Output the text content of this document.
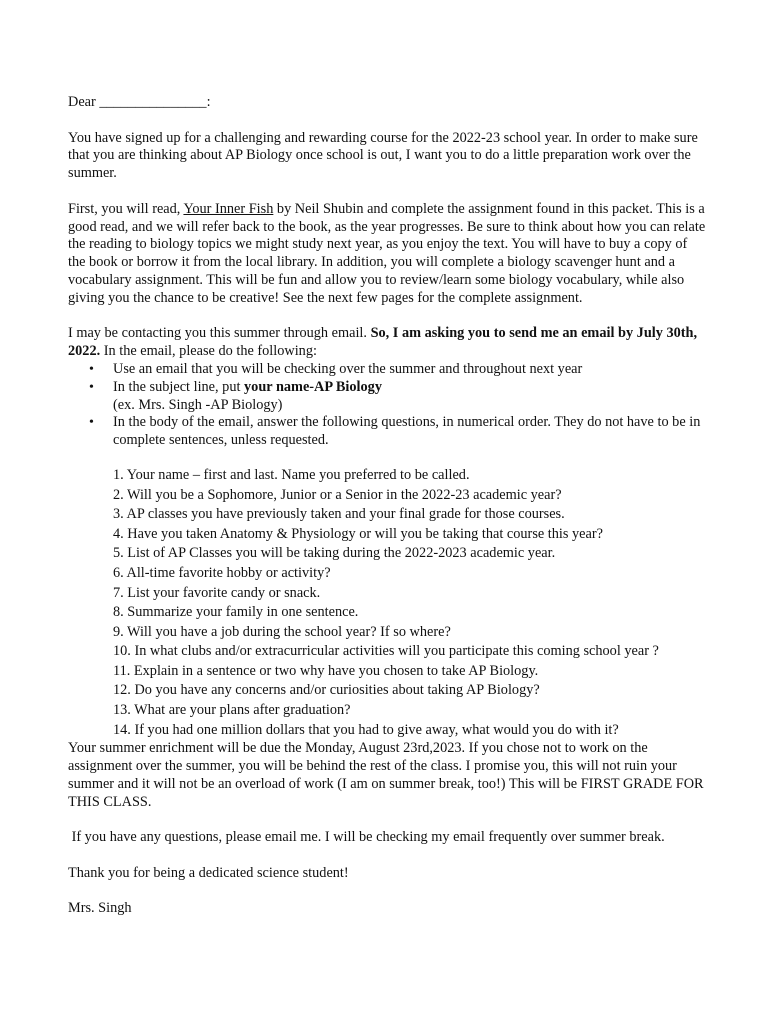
Dear _______________:

You have signed up for a challenging and rewarding course for the 2022-23 school year. In order to make sure that you are thinking about AP Biology once school is out, I want you to do a little preparation work over the summer.

First, you will read, Your Inner Fish by Neil Shubin and complete the assignment found in this packet. This is a good read, and we will refer back to the book, as the year progresses. Be sure to think about how you can relate the reading to biology topics we might study next year, as you enjoy the text. You will have to buy a copy of the book or borrow it from the local library. In addition, you will complete a biology scavenger hunt and a vocabulary assignment. This will be fun and allow you to review/learn some biology vocabulary, while also giving you the chance to be creative! See the next few pages for the complete assignment.

I may be contacting you this summer through email. So, I am asking you to send me an email by July 30th, 2022. In the email, please do the following:

• Use an email that you will be checking over the summer and throughout next year
• In the subject line, put your name-AP Biology
(ex. Mrs. Singh -AP Biology)
• In the body of the email, answer the following questions, in numerical order. They do not have to be in complete sentences, unless requested.
1. Your name – first and last. Name you preferred to be called.
2. Will you be a Sophomore, Junior or a Senior in the 2022-23 academic year?
3. AP classes you have previously taken and your final grade for those courses.
4. Have you taken Anatomy & Physiology or will you be taking that course this year?
5. List of AP Classes you will be taking during the 2022-2023 academic year.
6. All-time favorite hobby or activity?
7. List your favorite candy or snack.
8. Summarize your family in one sentence.
9. Will you have a job during the school year? If so where?
10. In what clubs and/or extracurricular activities will you participate this coming school year ?
11. Explain in a sentence or two why have you chosen to take AP Biology.
12. Do you have any concerns and/or curiosities about taking AP Biology?
13. What are your plans after graduation?
14. If you had one million dollars that you had to give away, what would you do with it?

Your summer enrichment will be due the Monday, August 23rd,2023. If you chose not to work on the assignment over the summer, you will be behind the rest of the class. I promise you, this will not ruin your summer and it will not be an overload of work (I am on summer break, too!) This will be FIRST GRADE FOR THIS CLASS.

If you have any questions, please email me. I will be checking my email frequently over summer break.

Thank you for being a dedicated science student!

Mrs. Singh
